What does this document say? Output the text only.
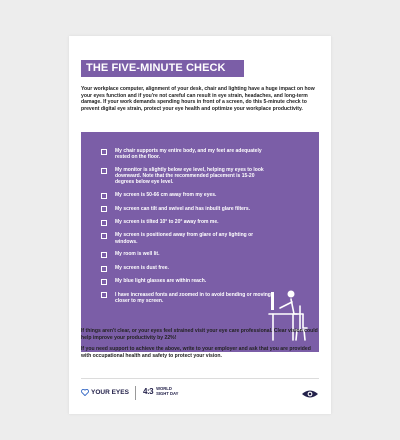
THE FIVE-MINUTE CHECK
Your workplace computer, alignment of your desk, chair and lighting have a huge impact on how your eyes function and if you're not careful can result in eye strain, headaches, and long-term damage. If your work demands spending hours in front of a screen, do this 5-minute check to prevent digital eye strain, protect your eye health and optimize your workplace productivity.
My chair supports my entire body, and my feet are adequately rested on the floor.
My monitor is slightly below eye level, helping my eyes to look downward. Note that the recommended placement is 15-20 degrees below eye level.
My screen is 50-66 cm away from my eyes.
My screen can tilt and swivel and has inbuilt glare filters.
My screen is tilted 10° to 20° away from me.
My screen is positioned away from glare of any lighting or windows.
My room is well lit.
My screen is dust free.
My blue light glasses are within reach.
I have increased fonts and zoomed in to avoid bending or moving closer to my screen.

If things aren't clear, or your eyes feel strained visit your eye care professional. Clear vision could help improve your productivity by 22%!

If you need support to achieve the above, write to your employer and ask that you are provided with occupational health and safety to protect your vision.

YOUR EYES 4:3 WORLD
SIGHT DAY
